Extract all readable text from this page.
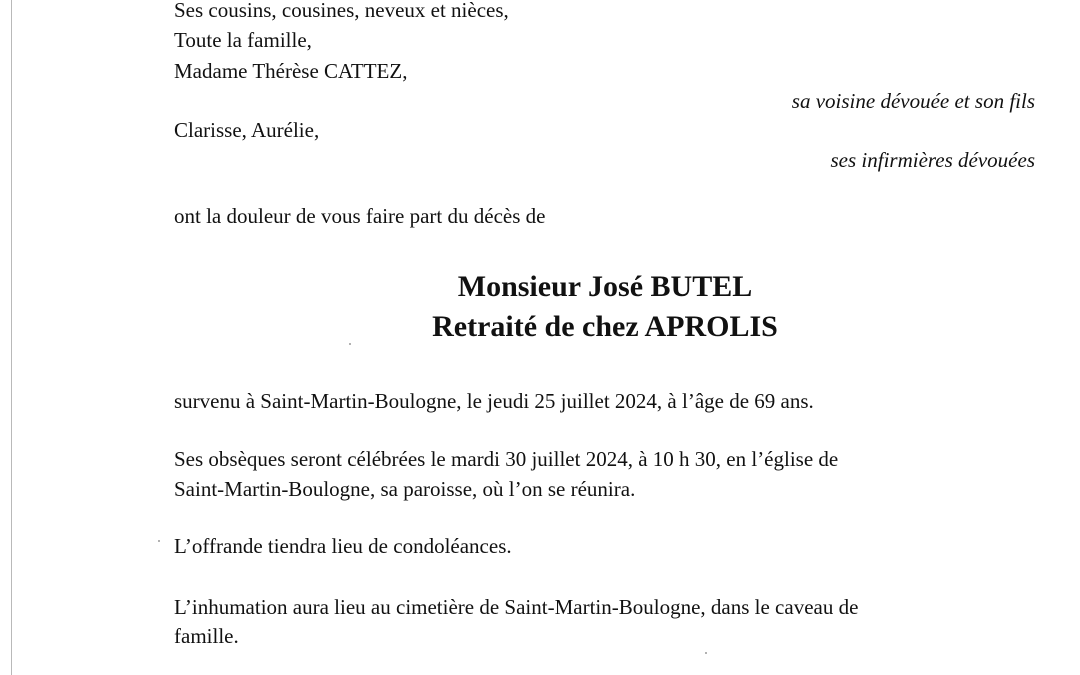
Ses cousins, cousines, neveux et nièces,
Toute la famille,
Madame Thérèse CATTEZ,
sa voisine dévouée et son fils
Clarisse, Aurélie,
ses infirmières dévouées
ont la douleur de vous faire part du décès de
Monsieur José BUTEL
Retraité de chez APROLIS
survenu à Saint-Martin-Boulogne, le jeudi 25 juillet 2024, à l’âge de 69 ans.
Ses obsèques seront célébrées le mardi 30 juillet 2024, à 10 h 30, en l’église de
Saint-Martin-Boulogne, sa paroisse, où l’on se réunira.
L’offrande tiendra lieu de condoléances.
L’inhumation aura lieu au cimetière de Saint-Martin-Boulogne, dans le caveau de
famille.
